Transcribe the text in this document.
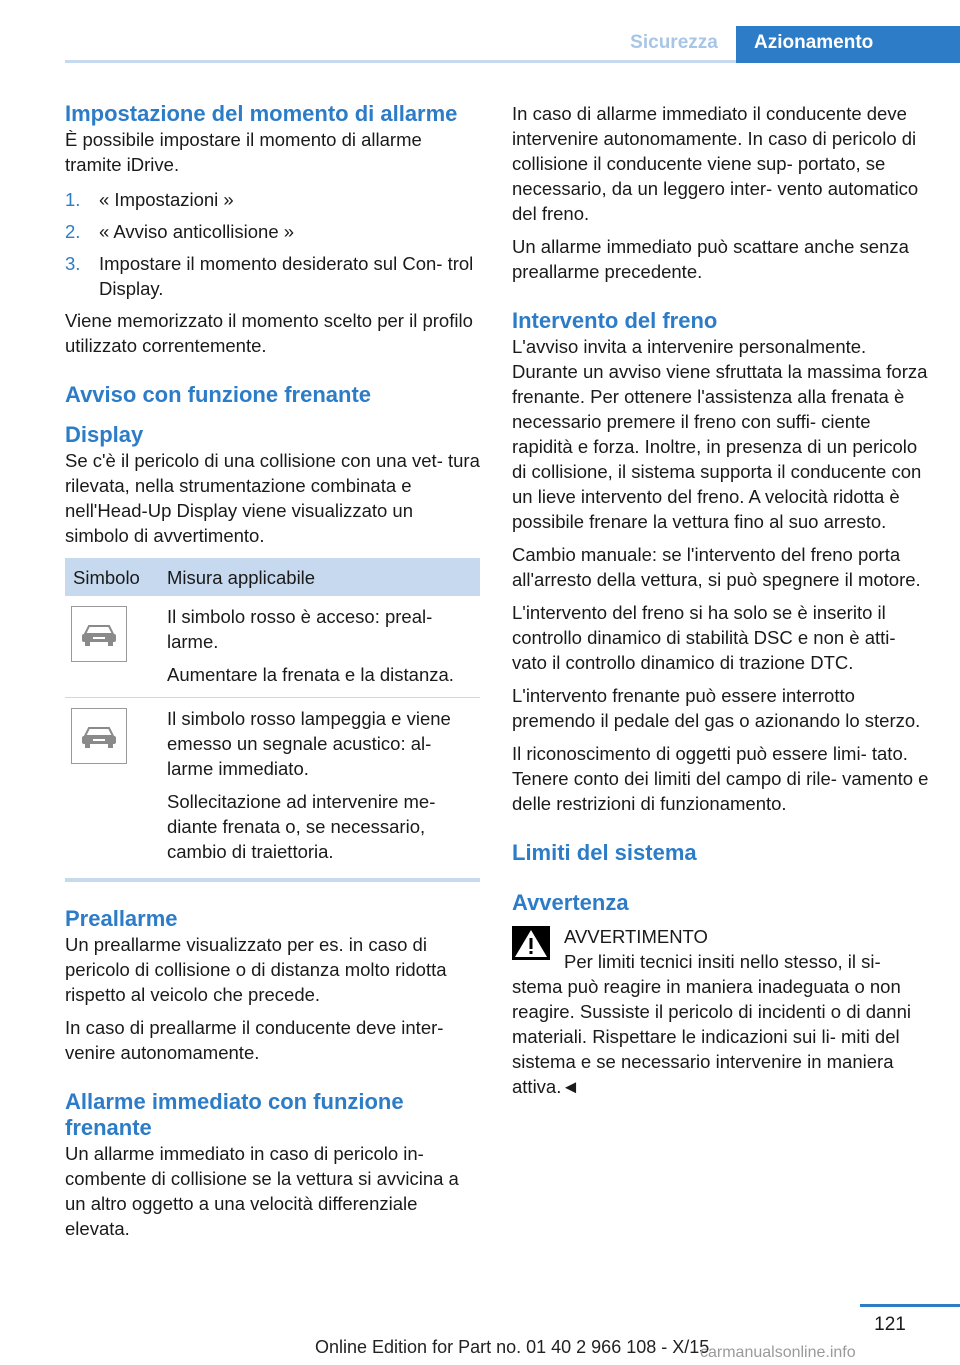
Sicurezza	Azionamento
Impostazione del momento di allarme

È possibile impostare il momento di allarme tramite iDrive.

1. « Impostazioni »
2. « Avviso anticollisione »
3. Impostare il momento desiderato sul Con- trol Display.

Viene memorizzato il momento scelto per il profilo utilizzato correntemente.

Avviso con funzione frenante
Display

Se c'è il pericolo di una collisione con una vet- tura rilevata, nella strumentazione combinata e nell'Head-Up Display viene visualizzato un simbolo di avvertimento.

Simbolo	Misura applicabile

Il simbolo rosso è acceso: preal- larme.

Aumentare la frenata e la distanza.

Il simbolo rosso lampeggia e viene emesso un segnale acustico: al- larme immediato.

Sollecitazione ad intervenire me- diante frenata o, se necessario, cambio di traiettoria.

Preallarme

Un preallarme visualizzato per es. in caso di pericolo di collisione o di distanza molto ridotta rispetto al veicolo che precede.

In caso di preallarme il conducente deve inter- venire autonomamente.

Allarme immediato con funzione frenante

Un allarme immediato in caso di pericolo in- combente di collisione se la vettura si avvicina a un altro oggetto a una velocità differenziale elevata.

In caso di allarme immediato il conducente deve intervenire autonomamente. In caso di pericolo di collisione il conducente viene sup- portato, se necessario, da un leggero inter- vento automatico del freno.

Un allarme immediato può scattare anche senza preallarme precedente.

Intervento del freno

L'avviso invita a intervenire personalmente. Durante un avviso viene sfruttata la massima forza frenante. Per ottenere l'assistenza alla frenata è necessario premere il freno con suffi- ciente rapidità e forza. Inoltre, in presenza di un pericolo di collisione, il sistema supporta il conducente con un lieve intervento del freno. A velocità ridotta è possibile frenare la vettura fino al suo arresto.

Cambio manuale: se l'intervento del freno porta all'arresto della vettura, si può spegnere il motore.

L'intervento del freno si ha solo se è inserito il controllo dinamico di stabilità DSC e non è atti- vato il controllo dinamico di trazione DTC.

L'intervento frenante può essere interrotto premendo il pedale del gas o azionando lo sterzo.

Il riconoscimento di oggetti può essere limi- tato. Tenere conto dei limiti del campo di rile- vamento e delle restrizioni di funzionamento.

Limiti del sistema
Avvertenza

AVVERTIMENTO

Per limiti tecnici insiti nello stesso, il si- stema può reagire in maniera inadeguata o non reagire. Sussiste il pericolo di incidenti o di danni materiali. Rispettare le indicazioni sui li- miti del sistema e se necessario intervenire in maniera attiva.◄

121
Online Edition for Part no. 01 40 2 966 108 - X/15
carmanualsonline.info
